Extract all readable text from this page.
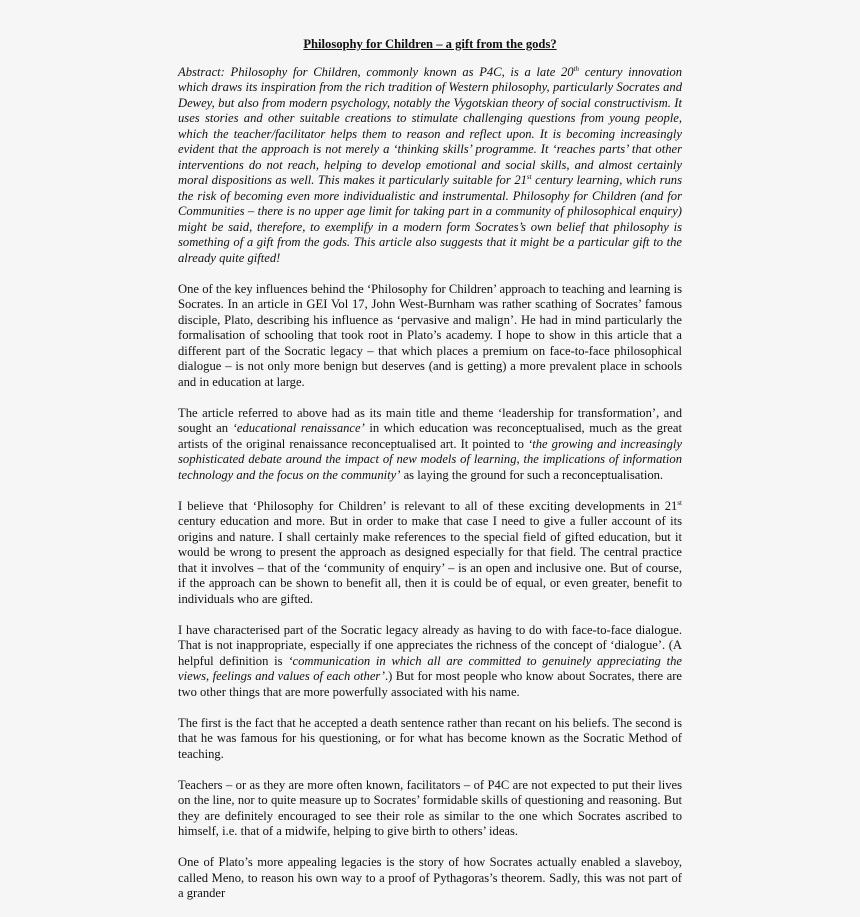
Philosophy for Children – a gift from the gods?

Abstract: Philosophy for Children, commonly known as P4C, is a late 20th century innovation which draws its inspiration from the rich tradition of Western philosophy, particularly Socrates and Dewey, but also from modern psychology, notably the Vygotskian theory of social constructivism. It uses stories and other suitable creations to stimulate challenging questions from young people, which the teacher/facilitator helps them to reason and reflect upon. It is becoming increasingly evident that the approach is not merely a ‘thinking skills’ programme. It ‘reaches parts’ that other interventions do not reach, helping to develop emotional and social skills, and almost certainly moral dispositions as well. This makes it particularly suitable for 21st century learning, which runs the risk of becoming even more individualistic and instrumental. Philosophy for Children (and for Communities – there is no upper age limit for taking part in a community of philosophical enquiry) might be said, therefore, to exemplify in a modern form Socrates’s own belief that philosophy is something of a gift from the gods. This article also suggests that it might be a particular gift to the already quite gifted!

One of the key influences behind the ‘Philosophy for Children’ approach to teaching and learning is Socrates. In an article in GEI Vol 17, John West-Burnham was rather scathing of Socrates’ famous disciple, Plato, describing his influence as ‘pervasive and malign’. He had in mind particularly the formalisation of schooling that took root in Plato’s academy. I hope to show in this article that a different part of the Socratic legacy – that which places a premium on face-to-face philosophical dialogue – is not only more benign but deserves (and is getting) a more prevalent place in schools and in education at large.

The article referred to above had as its main title and theme ‘leadership for transformation’, and sought an ‘educational renaissance’ in which education was reconceptualised, much as the great artists of the original renaissance reconceptualised art. It pointed to ‘the growing and increasingly sophisticated debate around the impact of new models of learning, the implications of information technology and the focus on the community’ as laying the ground for such a reconceptualisation.

I believe that ‘Philosophy for Children’ is relevant to all of these exciting developments in 21st century education and more. But in order to make that case I need to give a fuller account of its origins and nature. I shall certainly make references to the special field of gifted education, but it would be wrong to present the approach as designed especially for that field. The central practice that it involves – that of the ‘community of enquiry’ – is an open and inclusive one. But of course, if the approach can be shown to benefit all, then it is could be of equal, or even greater, benefit to individuals who are gifted.

I have characterised part of the Socratic legacy already as having to do with face-to-face dialogue. That is not inappropriate, especially if one appreciates the richness of the concept of ‘dialogue’. (A helpful definition is ‘communication in which all are committed to genuinely appreciating the views, feelings and values of each other’.) But for most people who know about Socrates, there are two other things that are more powerfully associated with his name.

The first is the fact that he accepted a death sentence rather than recant on his beliefs. The second is that he was famous for his questioning, or for what has become known as the Socratic Method of teaching.

Teachers – or as they are more often known, facilitators – of P4C are not expected to put their lives on the line, nor to quite measure up to Socrates’ formidable skills of questioning and reasoning. But they are definitely encouraged to see their role as similar to the one which Socrates ascribed to himself, i.e. that of a midwife, helping to give birth to others’ ideas.

One of Plato’s more appealing legacies is the story of how Socrates actually enabled a slaveboy, called Meno, to reason his own way to a proof of Pythagoras’s theorem. Sadly, this was not part of a grander
